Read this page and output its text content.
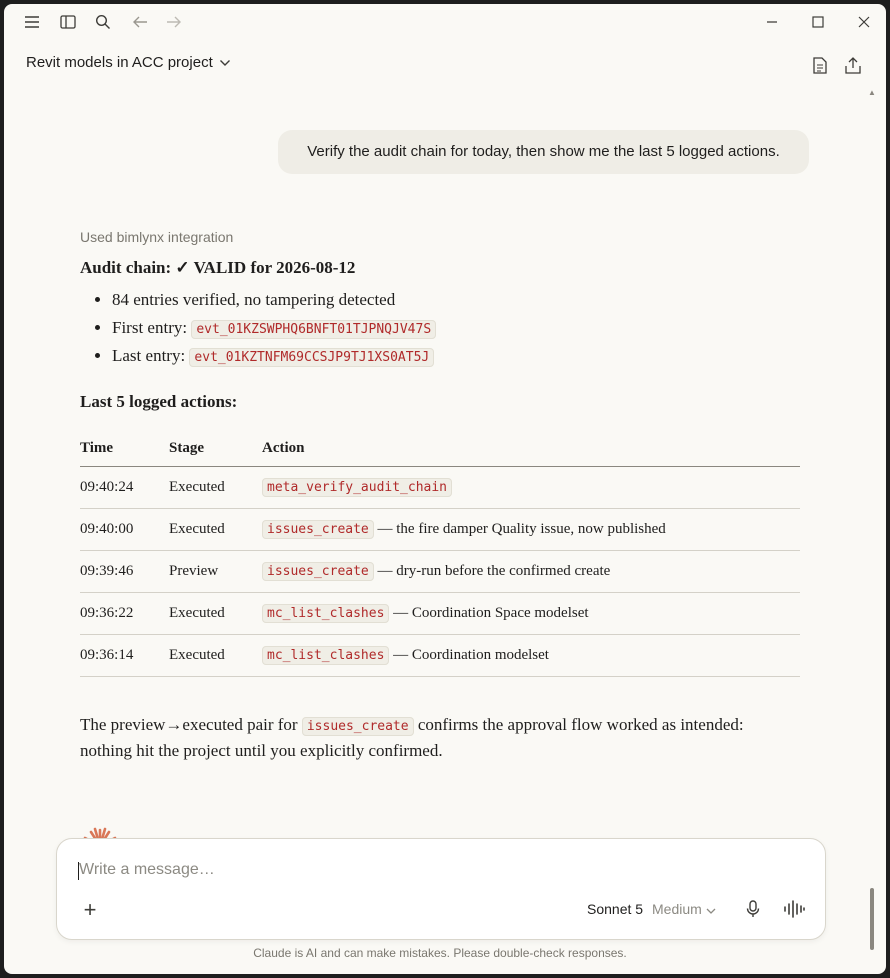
Revit models in ACC project
Verify the audit chain for today, then show me the last 5 logged actions.
Used bimlynx integration
Audit chain: ✓ VALID for 2026-08-12
• 84 entries verified, no tampering detected
• First entry: evt_01KZSWPHQ6BNFT01TJPNQJV47S
• Last entry: evt_01KZTNFM69CCSJP9TJ1XS0AT5J
Last 5 logged actions:
Time	Stage	Action
09:40:24	Executed	meta_verify_audit_chain
09:40:00	Executed	issues_create — the fire damper Quality issue, now published
09:39:46	Preview	issues_create — dry-run before the confirmed create
09:36:22	Executed	mc_list_clashes — Coordination Space modelset
09:36:14	Executed	mc_list_clashes — Coordination modelset
The preview→executed pair for issues_create confirms the approval flow worked as intended: nothing hit the project until you explicitly confirmed.
▲
Write a message…
+	Sonnet 5 Medium
Claude is AI and can make mistakes. Please double-check responses.
